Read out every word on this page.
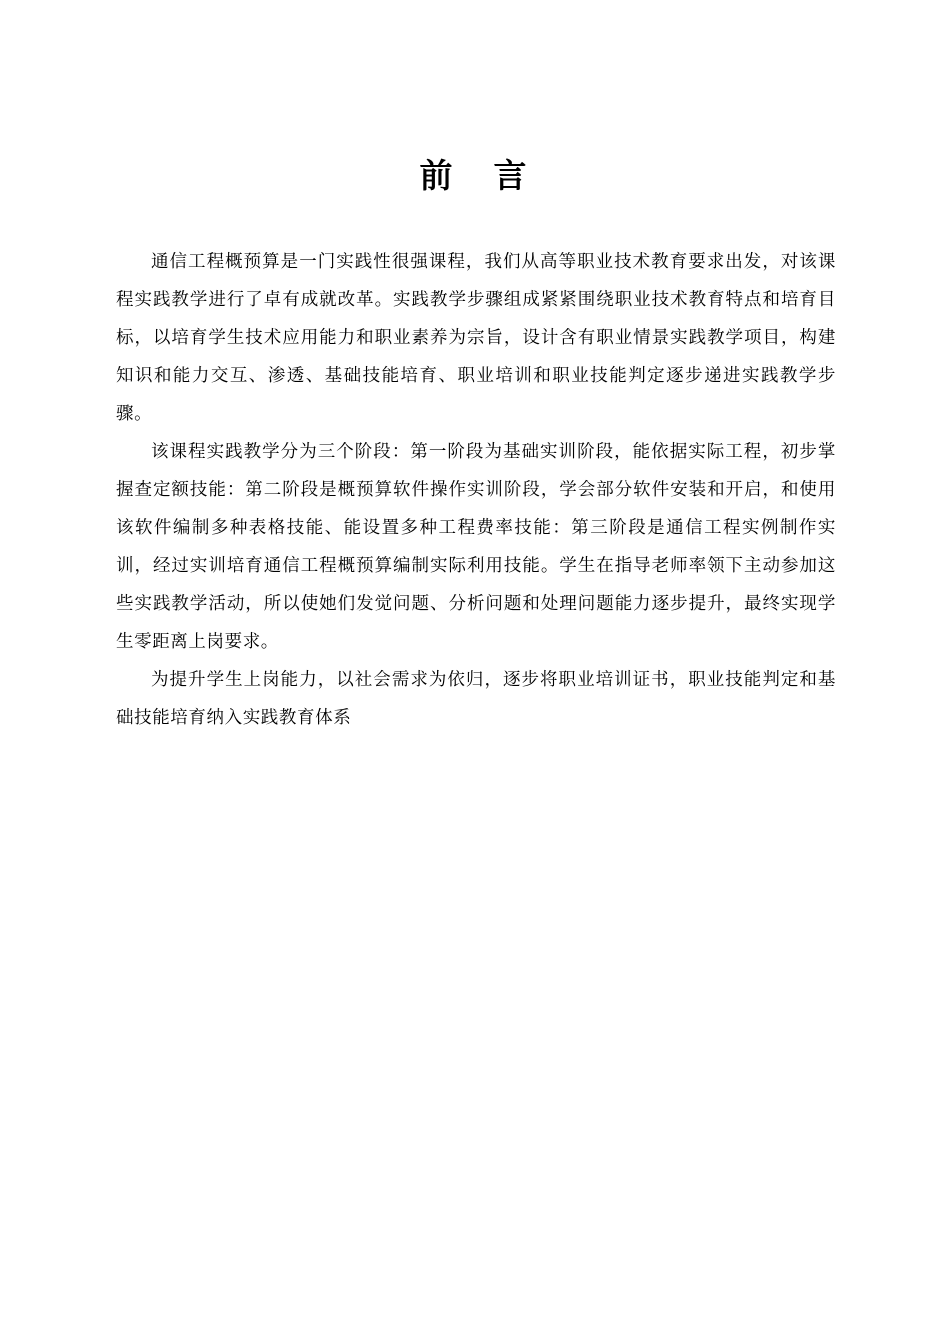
前　言

通信工程概预算是一门实践性很强课程，我们从高等职业技术教育要求出发，对该课程实践教学进行了卓有成就改革。实践教学步骤组成紧紧围绕职业技术教育特点和培育目标，以培育学生技术应用能力和职业素养为宗旨，设计含有职业情景实践教学项目，构建知识和能力交互、渗透、基础技能培育、职业培训和职业技能判定逐步递进实践教学步骤。

该课程实践教学分为三个阶段：第一阶段为基础实训阶段，能依据实际工程，初步掌握查定额技能：第二阶段是概预算软件操作实训阶段，学会部分软件安装和开启，和使用该软件编制多种表格技能、能设置多种工程费率技能：第三阶段是通信工程实例制作实训，经过实训培育通信工程概预算编制实际利用技能。学生在指导老师率领下主动参加这些实践教学活动，所以使她们发觉问题、分析问题和处理问题能力逐步提升，最终实现学生零距离上岗要求。

为提升学生上岗能力，以社会需求为依归，逐步将职业培训证书，职业技能判定和基础技能培育纳入实践教育体系
